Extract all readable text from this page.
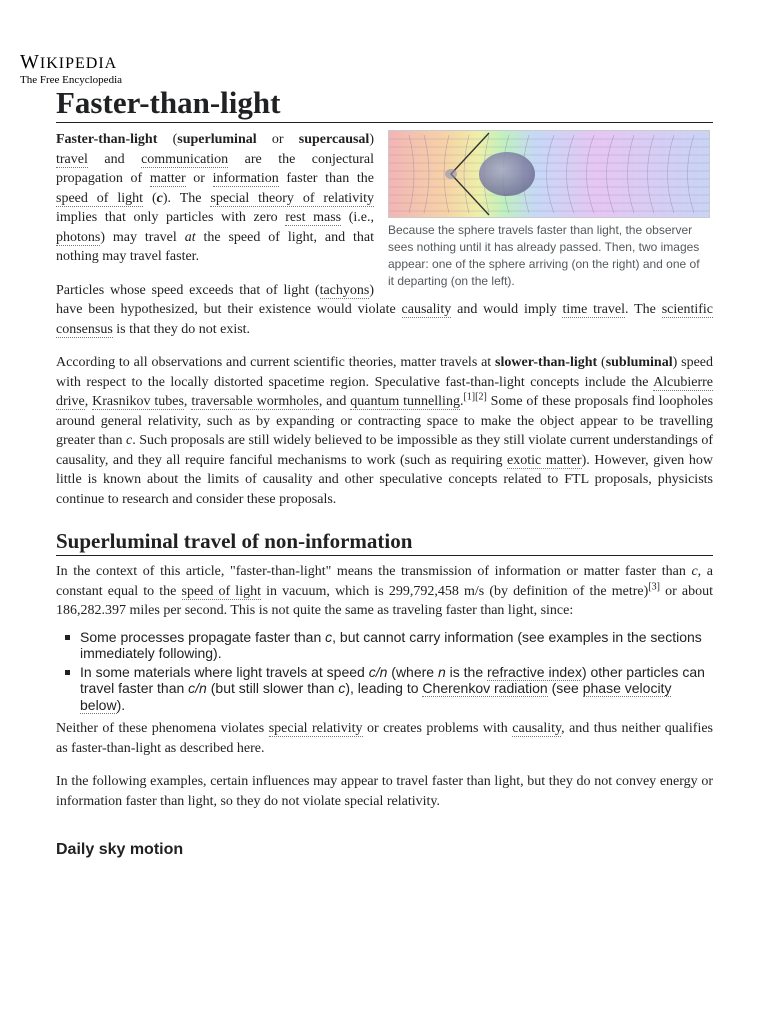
WIKIPEDIA
The Free Encyclopedia
Faster-than-light
Because the sphere travels faster than light, the observer sees nothing until it has already passed. Then, two images appear: one of the sphere arriving (on the right) and one of it departing (on the left).

Faster-than-light (superluminal or supercausal) travel and communication are the conjectural propagation of matter or information faster than the speed of light (c). The special theory of relativity implies that only particles with zero rest mass (i.e., photons) may travel at the speed of light, and that nothing may travel faster.

Particles whose speed exceeds that of light (tachyons) have been hypothesized, but their existence would violate causality and would imply time travel. The scientific consensus is that they do not exist.

According to all observations and current scientific theories, matter travels at slower-than-light (subluminal) speed with respect to the locally distorted spacetime region. Speculative fast-than-light concepts include the Alcubierre drive, Krasnikov tubes, traversable wormholes, and quantum tunnelling.[1][2] Some of these proposals find loopholes around general relativity, such as by expanding or contracting space to make the object appear to be travelling greater than c. Such proposals are still widely believed to be impossible as they still violate current understandings of causality, and they all require fanciful mechanisms to work (such as requiring exotic matter). However, given how little is known about the limits of causality and other speculative concepts related to FTL proposals, physicists continue to research and consider these proposals.

Superluminal travel of non-information

In the context of this article, "faster-than-light" means the transmission of information or matter faster than c, a constant equal to the speed of light in vacuum, which is 299,792,458 m/s (by definition of the metre)[3] or about 186,282.397 miles per second. This is not quite the same as traveling faster than light, since:

Some processes propagate faster than c, but cannot carry information (see examples in the sections immediately following).
In some materials where light travels at speed c/n (where n is the refractive index) other particles can travel faster than c/n (but still slower than c), leading to Cherenkov radiation (see phase velocity below).

Neither of these phenomena violates special relativity or creates problems with causality, and thus neither qualifies as faster-than-light as described here.

In the following examples, certain influences may appear to travel faster than light, but they do not convey energy or information faster than light, so they do not violate special relativity.

Daily sky motion
